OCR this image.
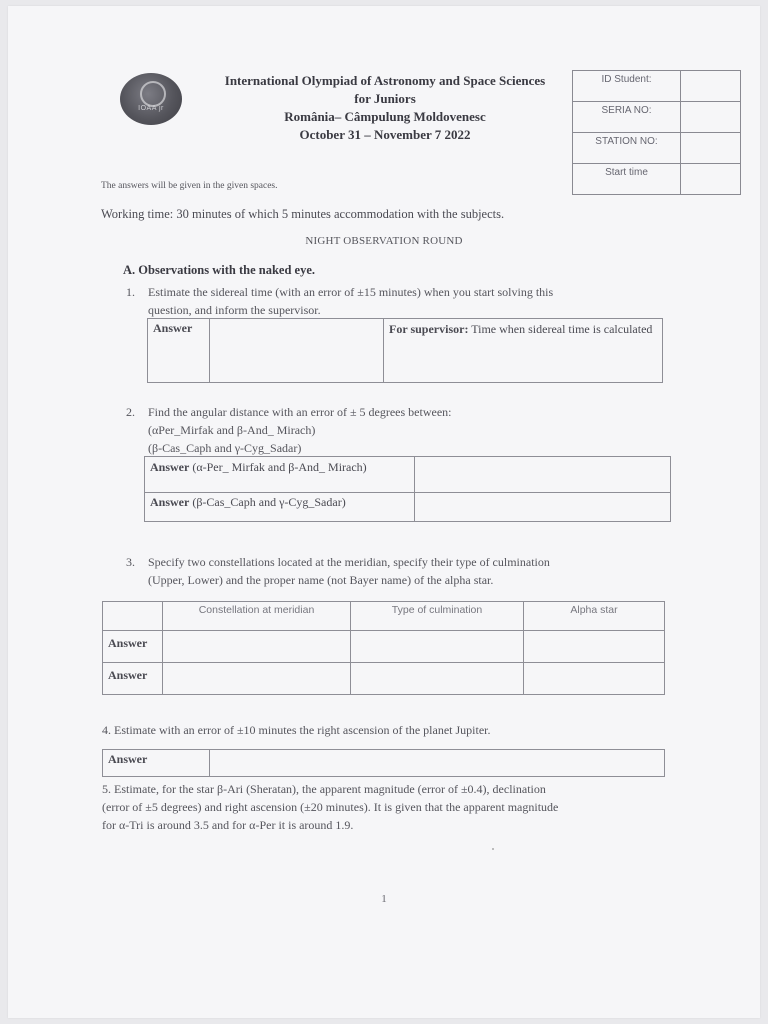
IOAA jr
International Olympiad of Astronomy and Space Sciences
for Juniors
România– Câmpulung Moldovenesc
October 31 – November 7 2022
ID Student:	
SERIA NO:	
STATION NO:	
Start time	
The answers will be given in the given spaces.
Working time: 30 minutes of which 5 minutes accommodation with the subjects.
NIGHT OBSERVATION ROUND
A. Observations with the naked eye.
1. Estimate the sidereal time (with an error of ±15 minutes) when you start solving this
question, and inform the supervisor.
Answer		For supervisor: Time when sidereal time is calculated
2. Find the angular distance with an error of ± 5 degrees between:
(αPer_Mirfak and β-And_ Mirach)
(β-Cas_Caph and γ-Cyg_Sadar)
Answer (α-Per_ Mirfak and β-And_ Mirach)	
Answer (β-Cas_Caph and γ-Cyg_Sadar)	
3. Specify two constellations located at the meridian, specify their type of culmination
(Upper, Lower) and the proper name (not Bayer name) of the alpha star.
	Constellation at meridian	Type of culmination	Alpha star
Answer			
Answer			
4. Estimate with an error of ±10 minutes the right ascension of the planet Jupiter.
Answer	
5. Estimate, for the star β-Ari (Sheratan), the apparent magnitude (error of ±0.4), declination
(error of ±5 degrees) and right ascension (±20 minutes). It is given that the apparent magnitude
for α-Tri is around 3.5 and for α-Per it is around 1.9.
1
